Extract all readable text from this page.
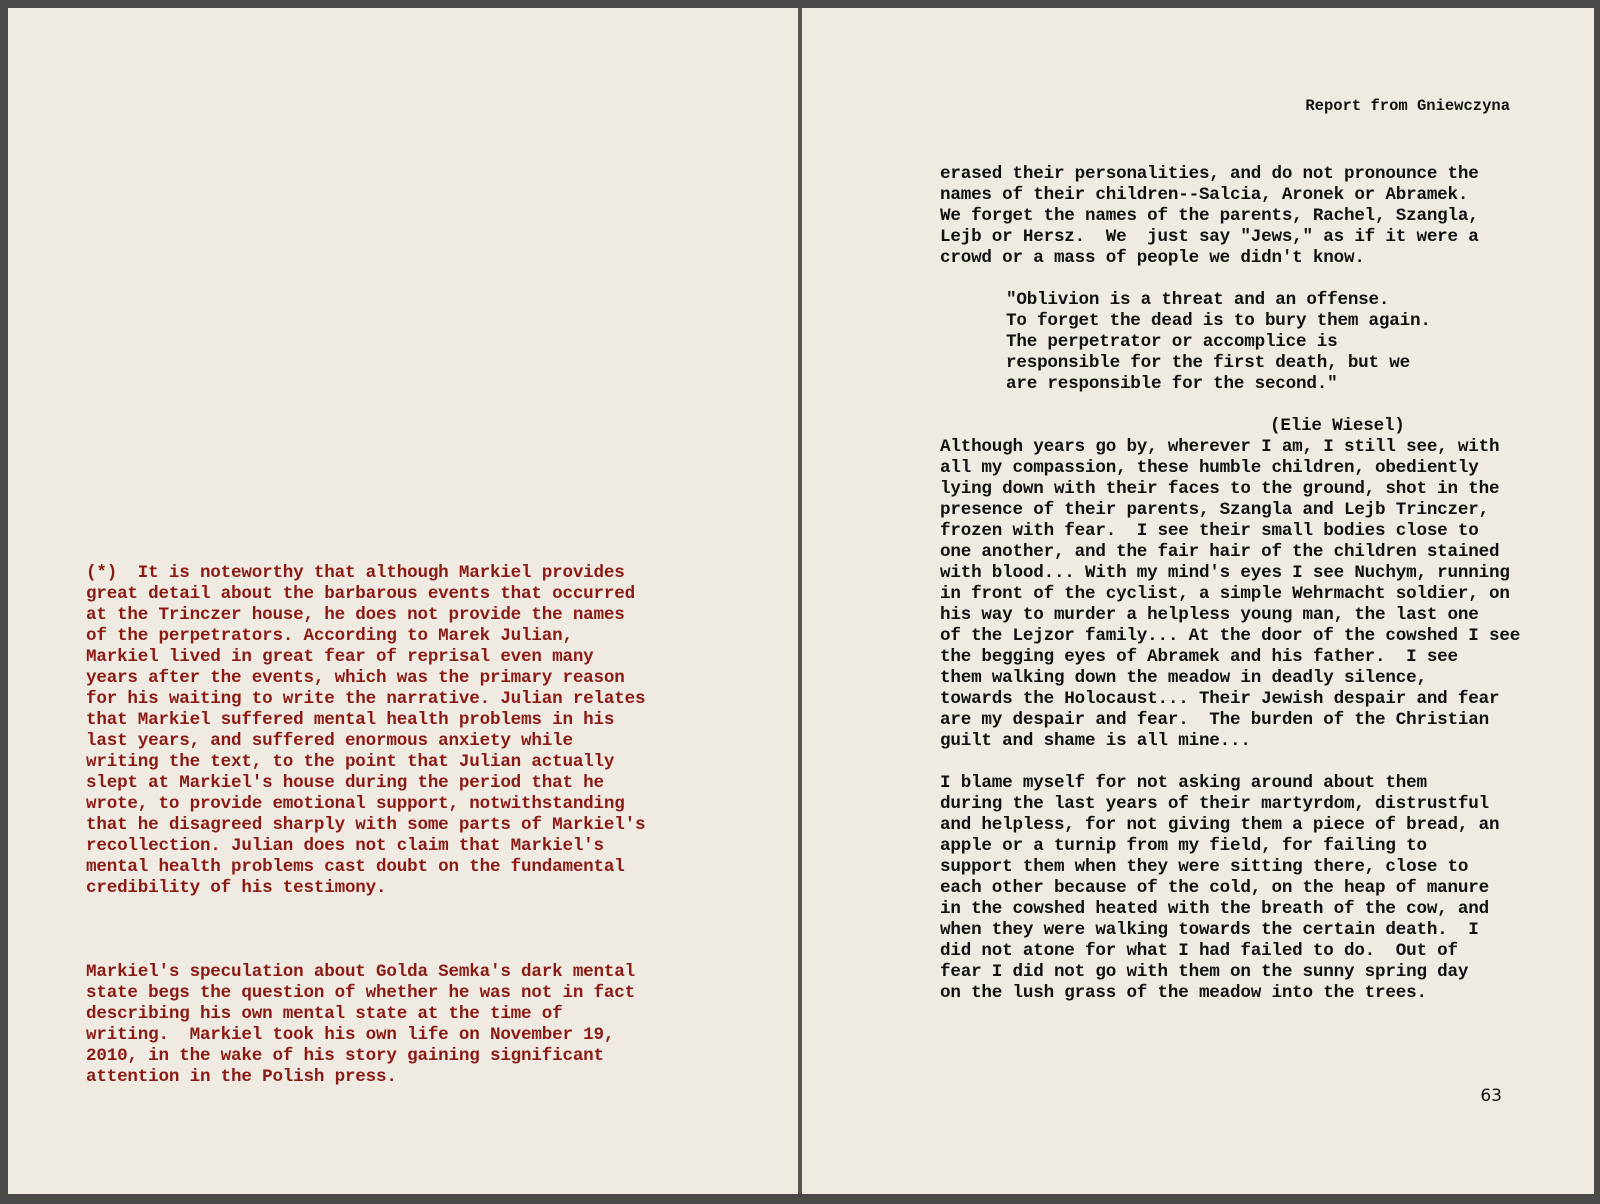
(*)  It is noteworthy that although Markiel provides
great detail about the barbarous events that occurred
at the Trinczer house, he does not provide the names
of the perpetrators. According to Marek Julian,
Markiel lived in great fear of reprisal even many
years after the events, which was the primary reason
for his waiting to write the narrative. Julian relates
that Markiel suffered mental health problems in his
last years, and suffered enormous anxiety while
writing the text, to the point that Julian actually
slept at Markiel's house during the period that he
wrote, to provide emotional support, notwithstanding
that he disagreed sharply with some parts of Markiel's
recollection. Julian does not claim that Markiel's
mental health problems cast doubt on the fundamental
credibility of his testimony.

Markiel's speculation about Golda Semka's dark mental
state begs the question of whether he was not in fact
describing his own mental state at the time of
writing.  Markiel took his own life on November 19,
2010, in the wake of his story gaining significant
attention in the Polish press.

Report from Gniewczyna

erased their personalities, and do not pronounce the
names of their children--Salcia, Aronek or Abramek.
We forget the names of the parents, Rachel, Szangla,
Lejb or Hersz.  We  just say "Jews," as if it were a
crowd or a mass of people we didn't know.

"Oblivion is a threat and an offense.
To forget the dead is to bury them again.
The perpetrator or accomplice is
responsible for the first death, but we
are responsible for the second."

(Elie Wiesel)

Although years go by, wherever I am, I still see, with
all my compassion, these humble children, obediently
lying down with their faces to the ground, shot in the
presence of their parents, Szangla and Lejb Trinczer,
frozen with fear.  I see their small bodies close to
one another, and the fair hair of the children stained
with blood... With my mind's eyes I see Nuchym, running
in front of the cyclist, a simple Wehrmacht soldier, on
his way to murder a helpless young man, the last one
of the Lejzor family... At the door of the cowshed I see
the begging eyes of Abramek and his father.  I see
them walking down the meadow in deadly silence,
towards the Holocaust... Their Jewish despair and fear
are my despair and fear.  The burden of the Christian
guilt and shame is all mine...

I blame myself for not asking around about them
during the last years of their martyrdom, distrustful
and helpless, for not giving them a piece of bread, an
apple or a turnip from my field, for failing to
support them when they were sitting there, close to
each other because of the cold, on the heap of manure
in the cowshed heated with the breath of the cow, and
when they were walking towards the certain death.  I
did not atone for what I had failed to do.  Out of
fear I did not go with them on the sunny spring day
on the lush grass of the meadow into the trees.

63
